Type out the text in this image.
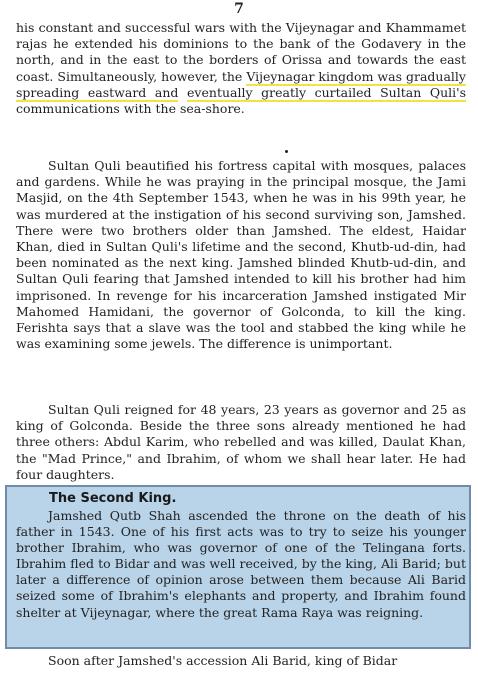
7

his constant and successful wars with the Vijeynagar and Khammamet rajas he extended his dominions to the bank of the Godavery in the north, and in the east to the borders of Orissa and towards the east coast. Simultaneously, however, the Vijeynagar kingdom was gradually spreading eastward and eventually greatly curtailed Sultan Quli's communications with the sea-shore.

Sultan Quli beautified his fortress capital with mosques, palaces and gardens. While he was praying in the principal mosque, the Jami Masjid, on the 4th September 1543, when he was in his 99th year, he was murdered at the instigation of his second surviving son, Jamshed. There were two brothers older than Jamshed. The eldest, Haidar Khan, died in Sultan Quli's lifetime and the second, Khutb-ud-din, had been nominated as the next king. Jamshed blinded Khutb-ud-din, and Sultan Quli fearing that Jamshed intended to kill his brother had him imprisoned. In revenge for his incarceration Jamshed instigated Mir Mahomed Hamidani, the governor of Golconda, to kill the king. Ferishta says that a slave was the tool and stabbed the king while he was examining some jewels. The difference is unimportant.

Sultan Quli reigned for 48 years, 23 years as governor and 25 as king of Golconda. Beside the three sons already mentioned he had three others: Abdul Karim, who rebelled and was killed, Daulat Khan, the "Mad Prince," and Ibrahim, of whom we shall hear later. He had four daughters.

The Second King.

Jamshed Qutb Shah ascended the throne on the death of his father in 1543. One of his first acts was to try to seize his younger brother Ibrahim, who was governor of one of the Telingana forts. Ibrahim fled to Bidar and was well received, by the king, Ali Barid; but later a difference of opinion arose between them because Ali Barid seized some of Ibrahim's elephants and property, and Ibrahim found shelter at Vijeynagar, where the great Rama Raya was reigning.

Soon after Jamshed's accession Ali Barid, king of Bidar
